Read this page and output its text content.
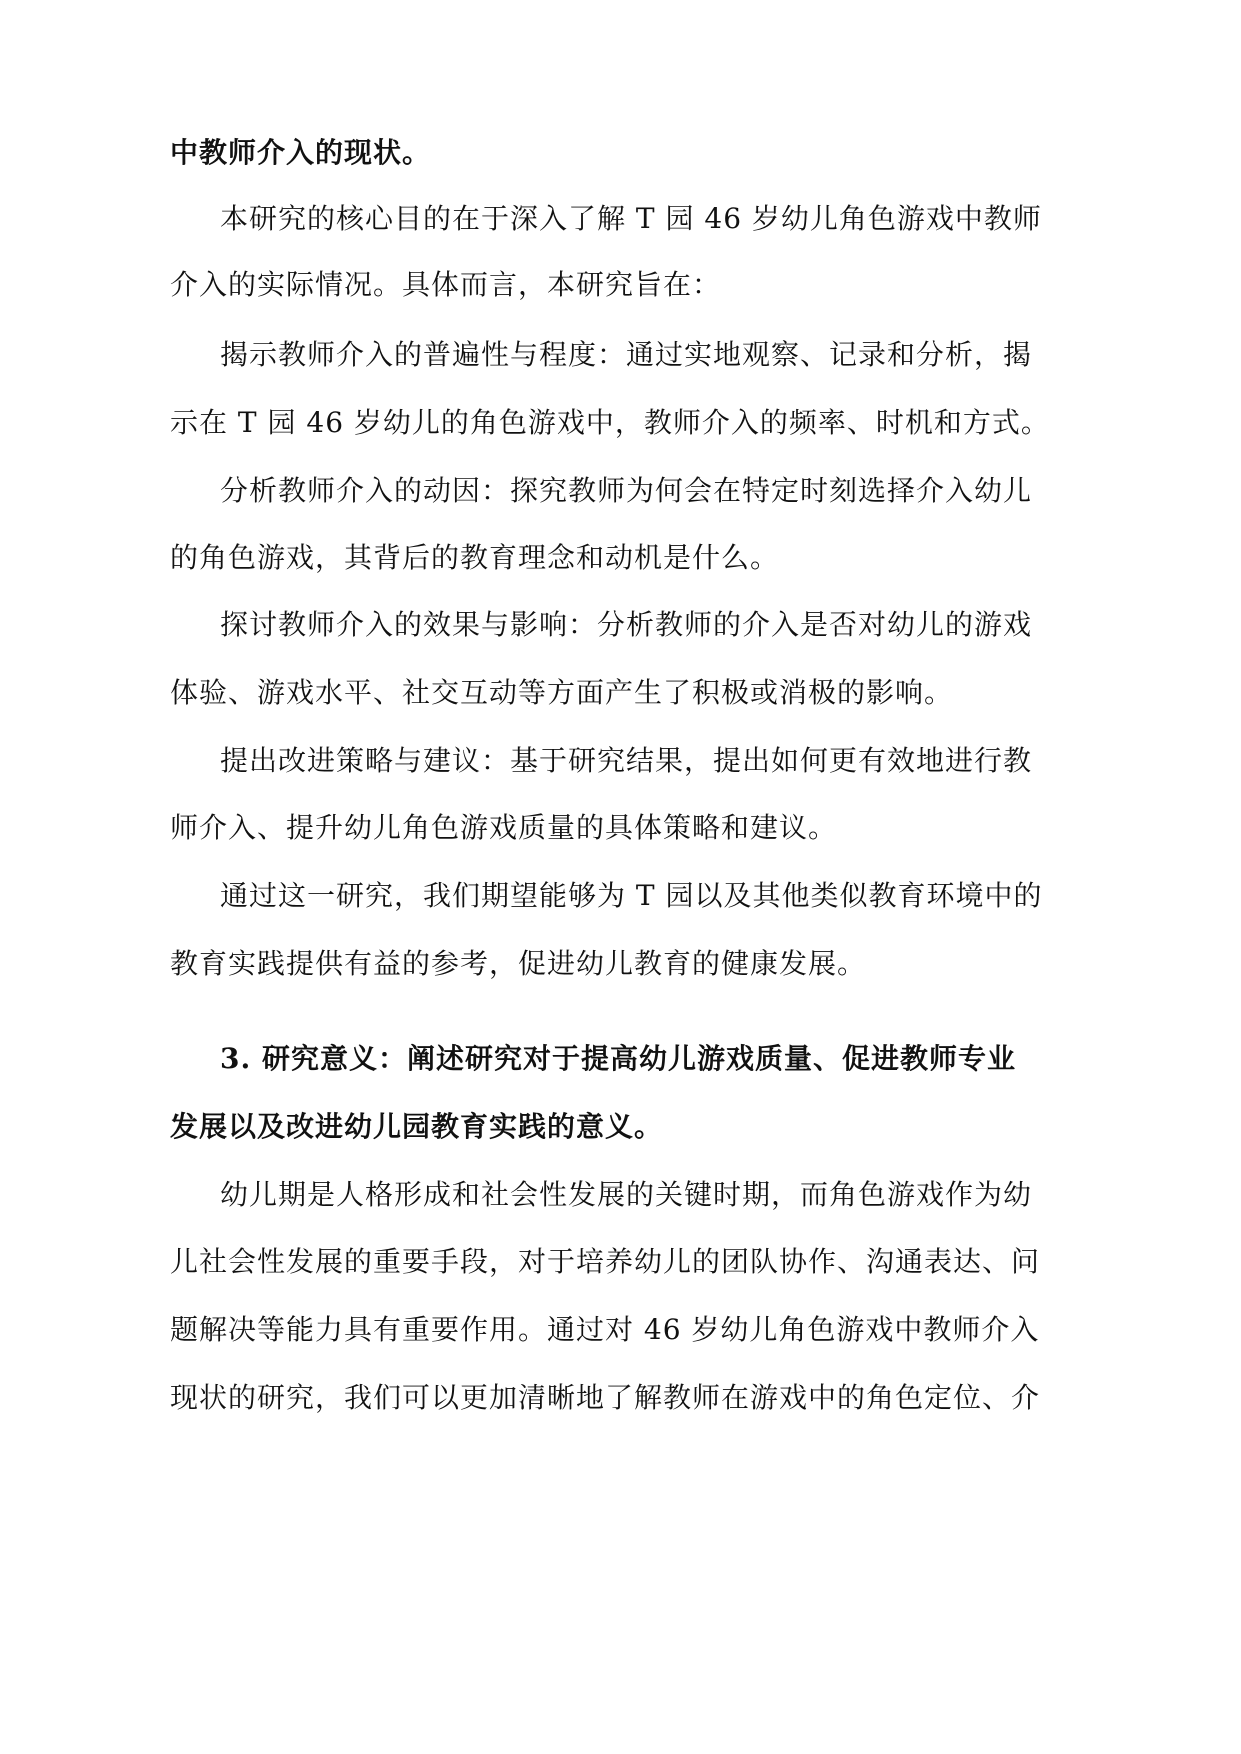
中教师介入的现状。
本研究的核心目的在于深入了解 T 园 46 岁幼儿角色游戏中教师
介入的实际情况。具体而言，本研究旨在：
揭示教师介入的普遍性与程度：通过实地观察、记录和分析，揭
示在 T 园 46 岁幼儿的角色游戏中，教师介入的频率、时机和方式。
分析教师介入的动因：探究教师为何会在特定时刻选择介入幼儿
的角色游戏，其背后的教育理念和动机是什么。
探讨教师介入的效果与影响：分析教师的介入是否对幼儿的游戏
体验、游戏水平、社交互动等方面产生了积极或消极的影响。
提出改进策略与建议：基于研究结果，提出如何更有效地进行教
师介入、提升幼儿角色游戏质量的具体策略和建议。
通过这一研究，我们期望能够为 T 园以及其他类似教育环境中的
教育实践提供有益的参考，促进幼儿教育的健康发展。
3. 研究意义：阐述研究对于提高幼儿游戏质量、促进教师专业
发展以及改进幼儿园教育实践的意义。
幼儿期是人格形成和社会性发展的关键时期，而角色游戏作为幼
儿社会性发展的重要手段，对于培养幼儿的团队协作、沟通表达、问
题解决等能力具有重要作用。通过对 46 岁幼儿角色游戏中教师介入
现状的研究，我们可以更加清晰地了解教师在游戏中的角色定位、介
